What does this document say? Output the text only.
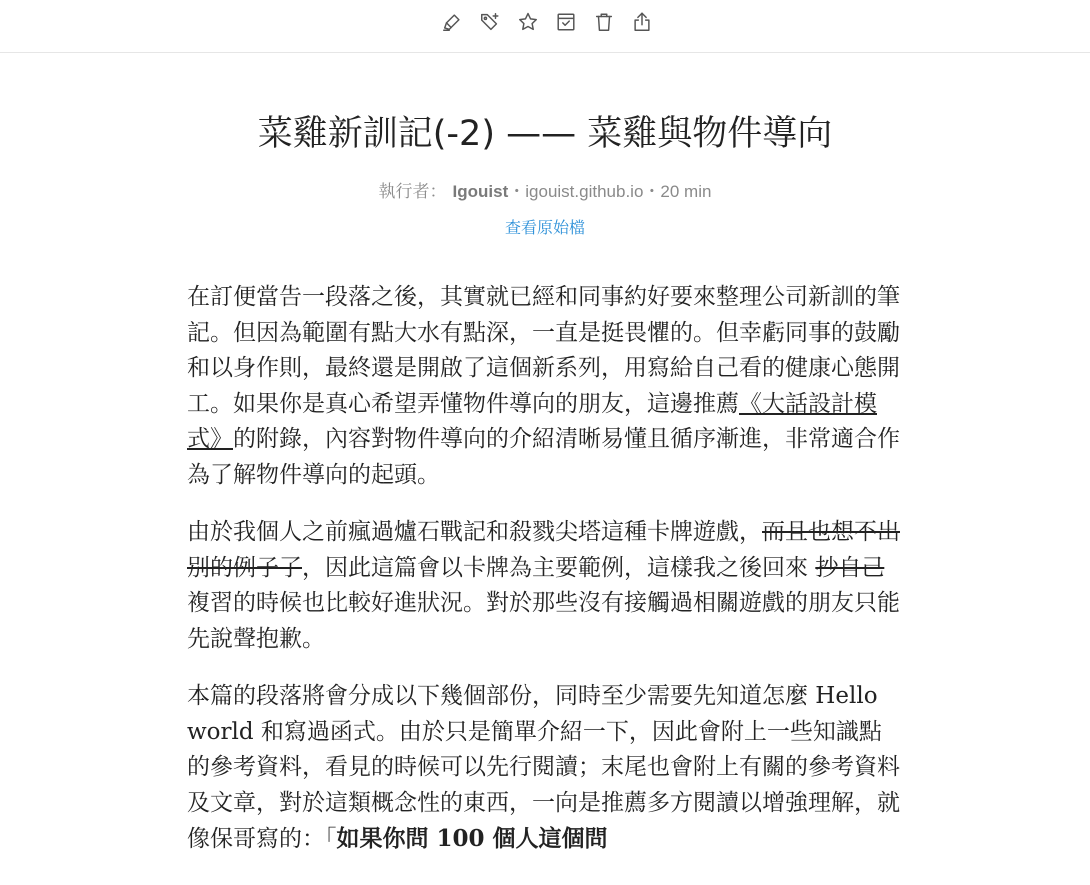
菜雞新訓記(-2) —— 菜雞與物件導向
執行者： Igouist・igouist.github.io・20 min
查看原始檔

在訂便當告一段落之後，其實就已經和同事約好要來整理公司新訓的筆記。但因為範圍有點大水有點深，一直是挺畏懼的。但幸虧同事的鼓勵和以身作則，最終還是開啟了這個新系列，用寫給自己看的健康心態開工。如果你是真心希望弄懂物件導向的朋友，這邊推薦《大話設計模式》的附錄，內容對物件導向的介紹清晰易懂且循序漸進，非常適合作為了解物件導向的起頭。

由於我個人之前瘋過爐石戰記和殺戮尖塔這種卡牌遊戲，而且也想不出別的例子了，因此這篇會以卡牌為主要範例，這樣我之後回來 抄自己 複習的時候也比較好進狀況。對於那些沒有接觸過相關遊戲的朋友只能先說聲抱歉。

本篇的段落將會分成以下幾個部份，同時至少需要先知道怎麼 Hello world 和寫過函式。由於只是簡單介紹一下，因此會附上一些知識點的參考資料，看見的時候可以先行閱讀；末尾也會附上有關的參考資料及文章，對於這類概念性的東西，一向是推薦多方閱讀以增強理解，就像保哥寫的：「如果你問 100 個人這個問
